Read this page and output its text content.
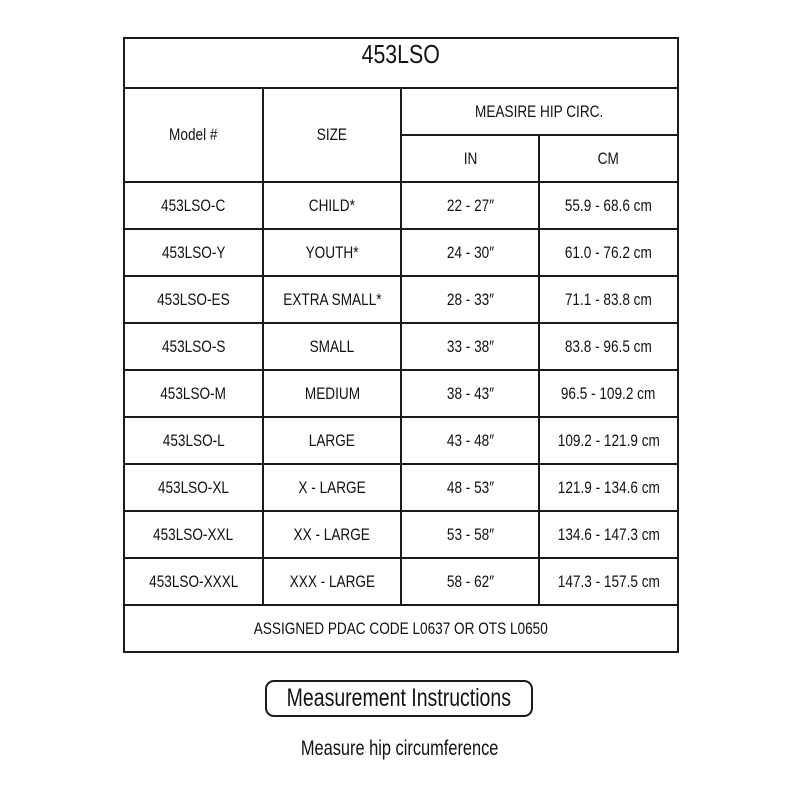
453LSO			
Model #	SIZE	MEASIRE HIP CIRC.	
		IN	CM
453LSO-C	CHILD*	22 - 27″	55.9 - 68.6 cm
453LSO-Y	YOUTH*	24 - 30″	61.0 - 76.2 cm
453LSO-ES	EXTRA SMALL*	28 - 33″	71.1 - 83.8 cm
453LSO-S	SMALL	33 - 38″	83.8 - 96.5 cm
453LSO-M	MEDIUM	38 - 43″	96.5 - 109.2 cm
453LSO-L	LARGE	43 - 48″	109.2 - 121.9 cm
453LSO-XL	X - LARGE	48 - 53″	121.9 - 134.6 cm
453LSO-XXL	XX - LARGE	53 - 58″	134.6 - 147.3 cm
453LSO-XXXL	XXX - LARGE	58 - 62″	147.3 - 157.5 cm
ASSIGNED PDAC CODE L0637 OR OTS L0650			
Measurement Instructions
Measure hip circumference
